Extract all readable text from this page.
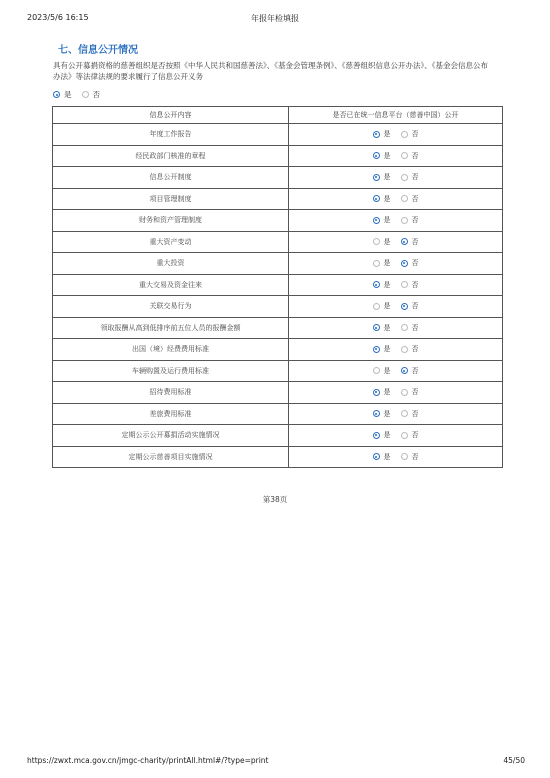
2023/5/6 16:15	年报年检填报
七、信息公开情况
具有公开募捐资格的慈善组织是否按照《中华人民共和国慈善法》、《基金会管理条例》、《慈善组织信息公开办法》、《基金会信息公布办法》等法律法规的要求履行了信息公开义务
是	否
信息公开内容	是否已在统一信息平台（慈善中国）公开
年度工作报告	是 否

经民政部门核准的章程	是 否

信息公开制度	是 否

项目管理制度	是 否

财务和资产管理制度	是 否

重大资产变动	是 否

重大投资	是 否

重大交易及资金往来	是 否

关联交易行为	是 否

领取报酬从高到低排序前五位人员的报酬金额	是 否

出国（境）经费费用标准	是 否

车辆购置及运行费用标准	是 否

招待费用标准	是 否

差旅费用标准	是 否

定期公示公开募捐活动实施情况	是 否

定期公示慈善项目实施情况	是 否
第38页
https://zwxt.mca.gov.cn/jmgc-charity/printAll.html#/?type=print	45/50
